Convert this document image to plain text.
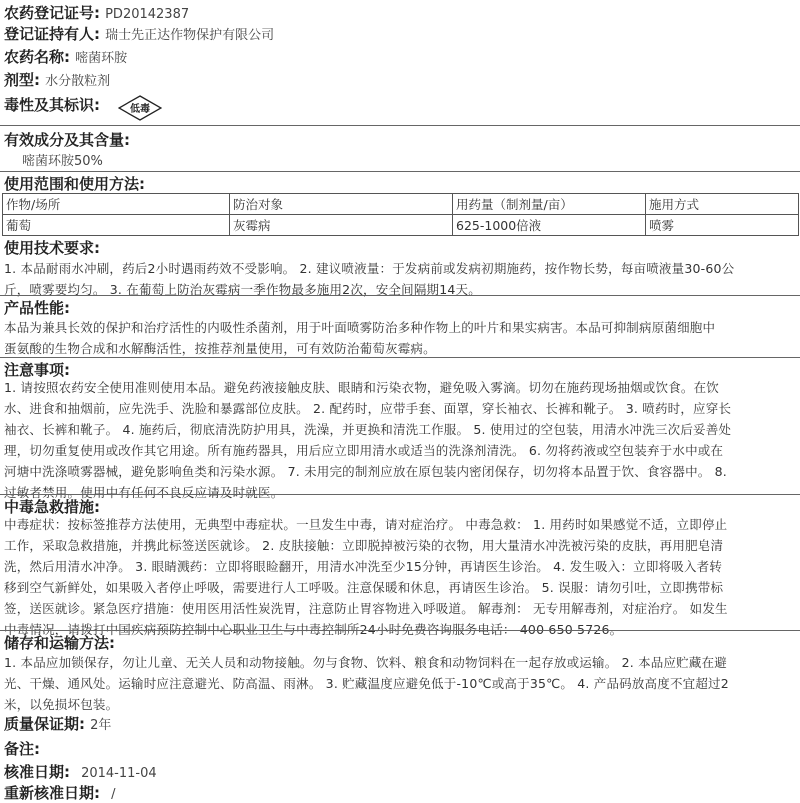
农药登记证号: PD20142387
登记证持有人: 瑞士先正达作物保护有限公司
农药名称: 嘧菌环胺
剂型: 水分散粒剂
毒性及其标识:	低毒
有效成分及其含量:
嘧菌环胺50%
使用范围和使用方法:
作物/场所	防治对象	用药量（制剂量/亩）	施用方式
葡萄	灰霉病	625-1000倍液	喷雾
使用技术要求:
1. 本品耐雨水冲刷，药后2小时遇雨药效不受影响。 2. 建议喷液量：于发病前或发病初期施药，按作物长势，每亩喷液量30-60公
斤，喷雾要均匀。 3. 在葡萄上防治灰霉病一季作物最多施用2次，安全间隔期14天。
产品性能:
本品为兼具长效的保护和治疗活性的内吸性杀菌剂，用于叶面喷雾防治多种作物上的叶片和果实病害。本品可抑制病原菌细胞中
蛋氨酸的生物合成和水解酶活性，按推荐剂量使用，可有效防治葡萄灰霉病。
注意事项:
1. 请按照农药安全使用准则使用本品。避免药液接触皮肤、眼睛和污染衣物，避免吸入雾滴。切勿在施药现场抽烟或饮食。在饮
水、进食和抽烟前，应先洗手、洗脸和暴露部位皮肤。 2. 配药时，应带手套、面罩，穿长袖衣、长裤和靴子。 3. 喷药时，应穿长
袖衣、长裤和靴子。 4. 施药后，彻底清洗防护用具，洗澡，并更换和清洗工作服。 5. 使用过的空包装，用清水冲洗三次后妥善处
理，切勿重复使用或改作其它用途。所有施药器具，用后应立即用清水或适当的洗涤剂清洗。 6. 勿将药液或空包装弃于水中或在
河塘中洗涤喷雾器械，避免影响鱼类和污染水源。 7. 未用完的制剂应放在原包装内密闭保存，切勿将本品置于饮、食容器中。 8.
过敏者禁用。使用中有任何不良反应请及时就医。
中毒急救措施:
中毒症状：按标签推荐方法使用，无典型中毒症状。一旦发生中毒，请对症治疗。 中毒急救： 1. 用药时如果感觉不适，立即停止
工作，采取急救措施，并携此标签送医就诊。 2. 皮肤接触：立即脱掉被污染的衣物，用大量清水冲洗被污染的皮肤，再用肥皂清
洗，然后用清水冲净。 3. 眼睛溅药：立即将眼睑翻开，用清水冲洗至少15分钟，再请医生诊治。 4. 发生吸入：立即将吸入者转
移到空气新鲜处，如果吸入者停止呼吸，需要进行人工呼吸。注意保暖和休息，再请医生诊治。 5. 误服：请勿引吐，立即携带标
签，送医就诊。紧急医疗措施：使用医用活性炭洗胃，注意防止胃容物进入呼吸道。 解毒剂： 无专用解毒剂，对症治疗。 如发生
中毒情况，请拨打中国疾病预防控制中心职业卫生与中毒控制所24小时免费咨询服务电话： 400 650 5726。
储存和运输方法:
1. 本品应加锁保存，勿让儿童、无关人员和动物接触。勿与食物、饮料、粮食和动物饲料在一起存放或运输。 2. 本品应贮藏在避
光、干燥、通风处。运输时应注意避光、防高温、雨淋。 3. 贮藏温度应避免低于-10℃或高于35℃。 4. 产品码放高度不宜超过2
米，以免损坏包装。
质量保证期: 2年
备注:
核准日期: 2014-11-04
重新核准日期: /
